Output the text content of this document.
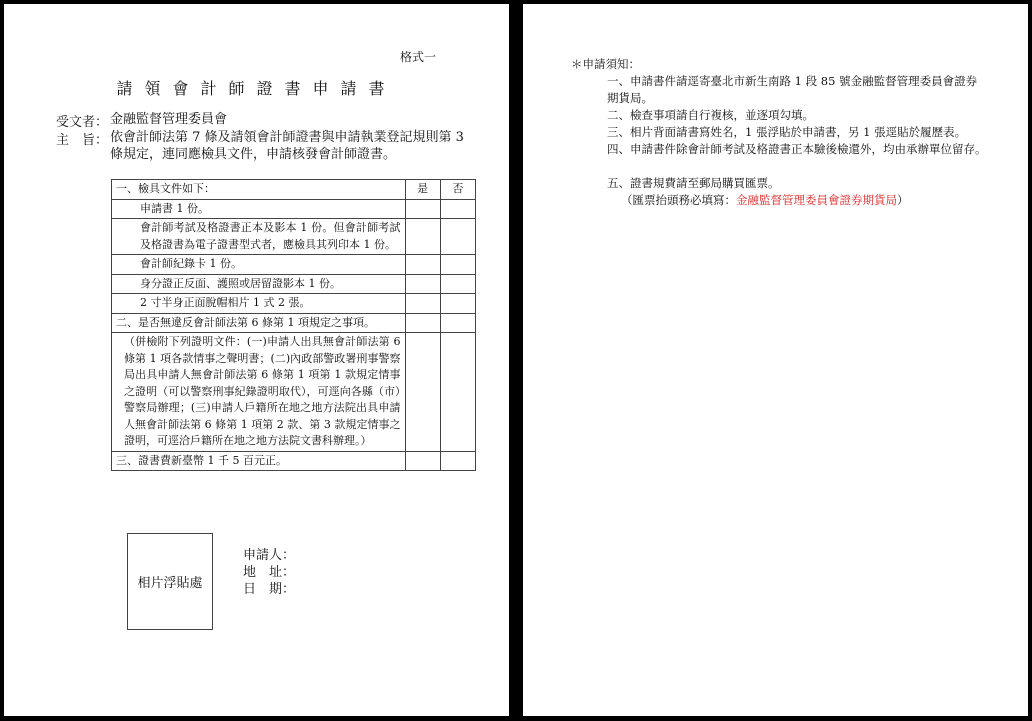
格式一
請領會計師證書申請書
受文者： 金融監督管理委員會
主　旨： 依會計師法第 7 條及請領會計師證書與申請執業登記規則第 3 條規定，連同應檢具文件，申請核發會計師證書。
一、檢具文件如下：	是	否
申請書 1 份。		
會計師考試及格證書正本及影本 1 份。但會計師考試及格證書為電子證書型式者，應檢具其列印本 1 份。		
會計師紀錄卡 1 份。		
身分證正反面、護照或居留證影本 1 份。		
2 寸半身正面脫帽相片 1 式 2 張。		
二、是否無違反會計師法第 6 條第 1 項規定之事項。		
（併檢附下列證明文件：(一)申請人出具無會計師法第 6 條第 1 項各款情事之聲明書；(二)內政部警政署刑事警察局出具申請人無會計師法第 6 條第 1 項第 1 款規定情事之證明（可以警察刑事紀錄證明取代），可逕向各縣（市）警察局辦理；(三)申請人戶籍所在地之地方法院出具申請人無會計師法第 6 條第 1 項第 2 款、第 3 款規定情事之證明，可逕洽戶籍所在地之地方法院文書科辦理。）		
三、證書費新臺幣 1 千 5 百元正。		
相片浮貼處
申請人：
地　址：
日　期：
＊申請須知：
一、申請書件請逕寄臺北市新生南路 1 段 85 號金融監督管理委員會證券期貨局。
二、檢查事項請自行複核，並逐項勾填。
三、相片背面請書寫姓名，1 張浮貼於申請書，另 1 張逕貼於履歷表。
四、申請書件除會計師考試及格證書正本驗後檢還外，均由承辦單位留存。
五、證書規費請至郵局購買匯票。
（匯票抬頭務必填寫：金融監督管理委員會證券期貨局）
